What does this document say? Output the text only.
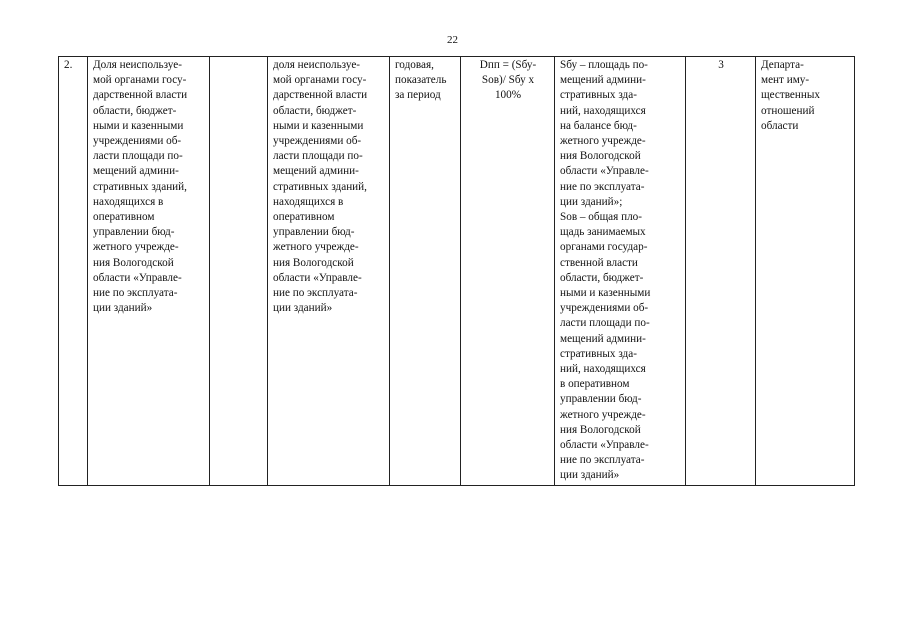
22
2.	Доля неиспользуе-
мой органами госу-
дарственной власти
области, бюджет-
ными и казенными
учреждениями об-
ласти площади по-
мещений админи-
стративных зданий,
находящихся в
оперативном
управлении бюд-
жетного учрежде-
ния Вологодской
области «Управле-
ние по эксплуата-
ции зданий»		доля неиспользуе-
мой органами госу-
дарственной власти
области, бюджет-
ными и казенными
учреждениями об-
ласти площади по-
мещений админи-
стративных зданий,
находящихся в
оперативном
управлении бюд-
жетного учрежде-
ния Вологодской
области «Управле-
ние по эксплуата-
ции зданий»	годовая,
показатель
за период	Dпп = (Sбу-
Sов)/ Sбу х
100%	Sбу – площадь по-
мещений админи-
стративных зда-
ний, находящихся
на балансе бюд-
жетного учрежде-
ния Вологодской
области «Управле-
ние по эксплуата-
ции зданий»;
Sов – общая пло-
щадь занимаемых
органами государ-
ственной власти
области, бюджет-
ными и казенными
учреждениями об-
ласти площади по-
мещений админи-
стративных зда-
ний, находящихся
в оперативном
управлении бюд-
жетного учрежде-
ния Вологодской
области «Управле-
ние по эксплуата-
ции зданий»	3	Департа-
мент иму-
щественных
отношений
области
